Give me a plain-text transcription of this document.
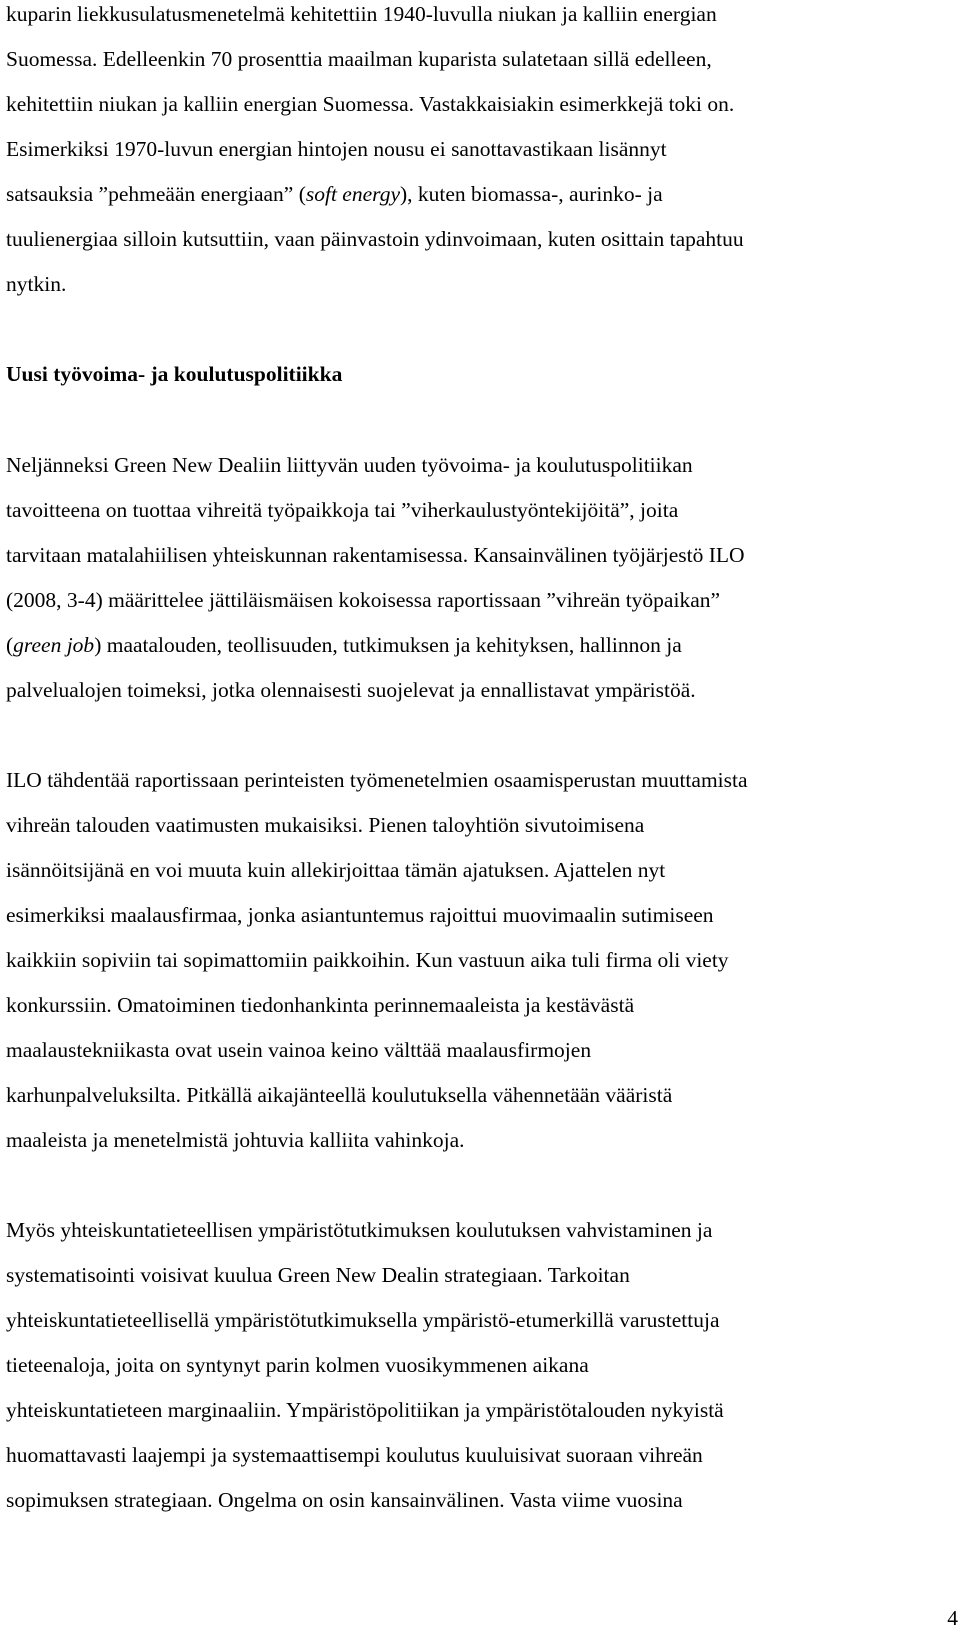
kuparin liekkusulatusmenetelmä kehitettiin 1940-luvulla niukan ja kalliin energian
Suomessa. Edelleenkin 70 prosenttia maailman kuparista sulatetaan sillä edelleen,
kehitettiin niukan ja kalliin energian Suomessa. Vastakkaisiakin esimerkkejä toki on.
Esimerkiksi 1970-luvun energian hintojen nousu ei sanottavastikaan lisännyt
satsauksia ”pehmeään energiaan” (soft energy), kuten biomassa-, aurinko- ja
tuulienergiaa silloin kutsuttiin, vaan päinvastoin ydinvoimaan, kuten osittain tapahtuu
nytkin.
Uusi työvoima- ja koulutuspolitiikka
Neljänneksi Green New Dealiin liittyvän uuden työvoima- ja koulutuspolitiikan
tavoitteena on tuottaa vihreitä työpaikkoja tai ”viherkaulustyöntekijöitä”, joita
tarvitaan matalahiilisen yhteiskunnan rakentamisessa. Kansainvälinen työjärjestö ILO
(2008, 3-4) määrittelee jättiläismäisen kokoisessa raportissaan ”vihreän työpaikan”
(green job) maatalouden, teollisuuden, tutkimuksen ja kehityksen, hallinnon ja
palvelualojen toimeksi, jotka olennaisesti suojelevat ja ennallistavat ympäristöä.
ILO tähdentää raportissaan perinteisten työmenetelmien osaamisperustan muuttamista
vihreän talouden vaatimusten mukaisiksi. Pienen taloyhtiön sivutoimisena
isännöitsijänä en voi muuta kuin allekirjoittaa tämän ajatuksen. Ajattelen nyt
esimerkiksi maalausfirmaa, jonka asiantuntemus rajoittui muovimaalin sutimiseen
kaikkiin sopiviin tai sopimattomiin paikkoihin. Kun vastuun aika tuli firma oli viety
konkurssiin. Omatoiminen tiedonhankinta perinnemaaleista ja kestävästä
maalaustekniikasta ovat usein vainoa keino välttää maalausfirmojen
karhunpalveluksilta. Pitkällä aikajänteellä koulutuksella vähennetään vääristä
maaleista ja menetelmistä johtuvia kalliita vahinkoja.
Myös yhteiskuntatieteellisen ympäristötutkimuksen koulutuksen vahvistaminen ja
systematisointi voisivat kuulua Green New Dealin strategiaan. Tarkoitan
yhteiskuntatieteellisellä ympäristötutkimuksella ympäristö-etumerkillä varustettuja
tieteenaloja, joita on syntynyt parin kolmen vuosikymmenen aikana
yhteiskuntatieteen marginaaliin. Ympäristöpolitiikan ja ympäristötalouden nykyistä
huomattavasti laajempi ja systemaattisempi koulutus kuuluisivat suoraan vihreän
sopimuksen strategiaan. Ongelma on osin kansainvälinen. Vasta viime vuosina
4
